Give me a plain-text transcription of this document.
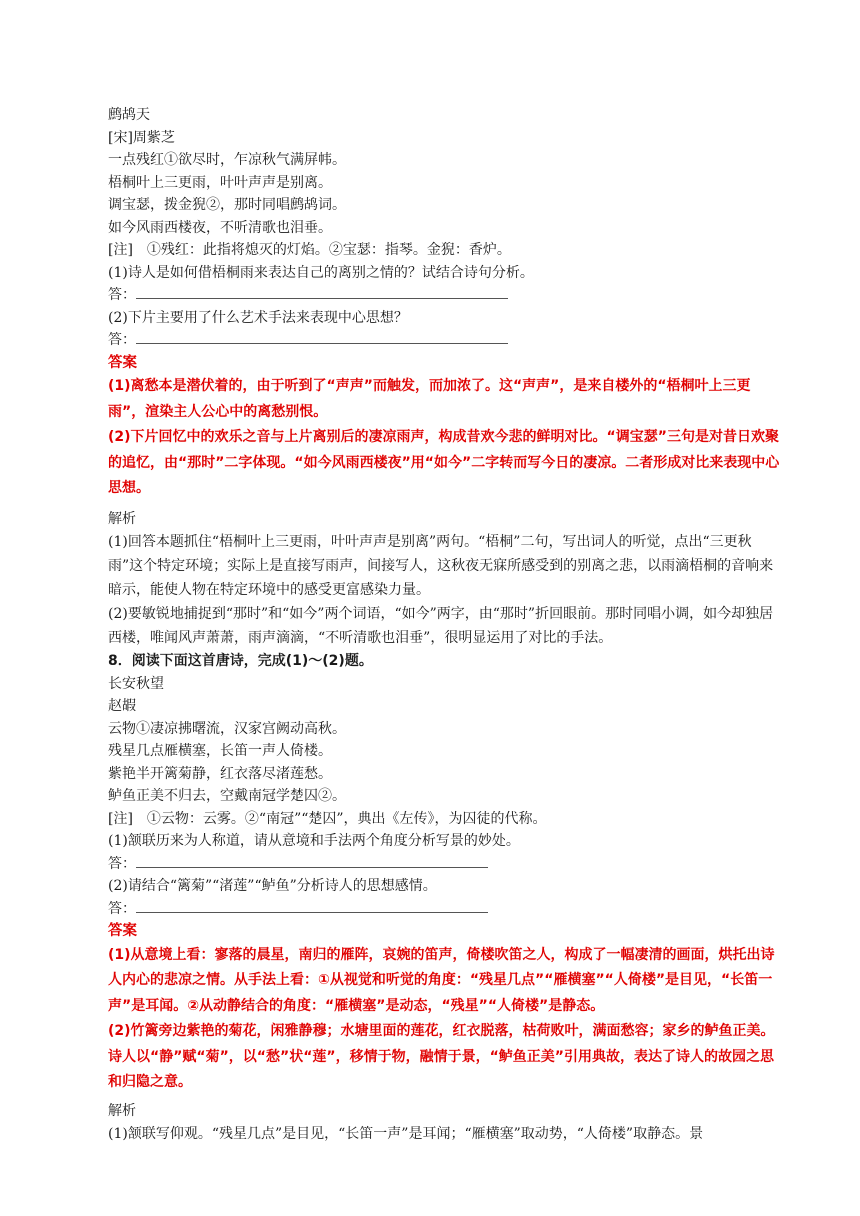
鹧鸪天
[宋]周紫芝
一点残红①欲尽时，乍凉秋气满屏帏。
梧桐叶上三更雨，叶叶声声是别离。
调宝瑟，拨金猊②，那时同唱鹧鸪词。
如今风雨西楼夜，不听清歌也泪垂。
[注]　①残红：此指将熄灭的灯焰。②宝瑟：指琴。金猊：香炉。
(1)诗人是如何借梧桐雨来表达自己的离别之情的？试结合诗句分析。
答：
(2)下片主要用了什么艺术手法来表现中心思想？
答：
答案
(1)离愁本是潜伏着的，由于听到了“声声”而触发，而加浓了。这“声声”，是来自楼外的“梧桐叶上三更雨”，渲染主人公心中的离愁别恨。
(2)下片回忆中的欢乐之音与上片离别后的凄凉雨声，构成昔欢今悲的鲜明对比。“调宝瑟”三句是对昔日欢聚的追忆，由“那时”二字体现。“如今风雨西楼夜”用“如今”二字转而写今日的凄凉。二者形成对比来表现中心思想。
解析
(1)回答本题抓住“梧桐叶上三更雨，叶叶声声是别离”两句。“梧桐”二句，写出词人的听觉，点出“三更秋雨”这个特定环境；实际上是直接写雨声，间接写人，这秋夜无寐所感受到的别离之悲，以雨滴梧桐的音响来暗示，能使人物在特定环境中的感受更富感染力量。
(2)要敏锐地捕捉到“那时”和“如今”两个词语，“如今”两字，由“那时”折回眼前。那时同唱小调，如今却独居西楼，唯闻风声萧萧，雨声滴滴，“不听清歌也泪垂”，很明显运用了对比的手法。
8．阅读下面这首唐诗，完成(1)～(2)题。
长安秋望
赵嘏
云物①凄凉拂曙流，汉家宫阙动高秋。
残星几点雁横塞，长笛一声人倚楼。
紫艳半开篱菊静，红衣落尽渚莲愁。
鲈鱼正美不归去，空戴南冠学楚囚②。
[注]　①云物：云雾。②“南冠”“楚囚”，典出《左传》，为囚徒的代称。
(1)颔联历来为人称道，请从意境和手法两个角度分析写景的妙处。
答：
(2)请结合“篱菊”“渚莲”“鲈鱼”分析诗人的思想感情。
答：
答案
(1)从意境上看：寥落的晨星，南归的雁阵，哀婉的笛声，倚楼吹笛之人，构成了一幅凄清的画面，烘托出诗人内心的悲凉之情。从手法上看：①从视觉和听觉的角度：“残星几点”“雁横塞”“人倚楼”是目见，“长笛一声”是耳闻。②从动静结合的角度：“雁横塞”是动态，“残星”“人倚楼”是静态。
(2)竹篱旁边紫艳的菊花，闲雅静穆；水塘里面的莲花，红衣脱落，枯荷败叶，满面愁容；家乡的鲈鱼正美。诗人以“静”赋“菊”，以“愁”状“莲”，移情于物，融情于景，“鲈鱼正美”引用典故，表达了诗人的故园之思和归隐之意。
解析
(1)颔联写仰观。“残星几点”是目见，“长笛一声”是耳闻；“雁横塞”取动势，“人倚楼”取静态。景
